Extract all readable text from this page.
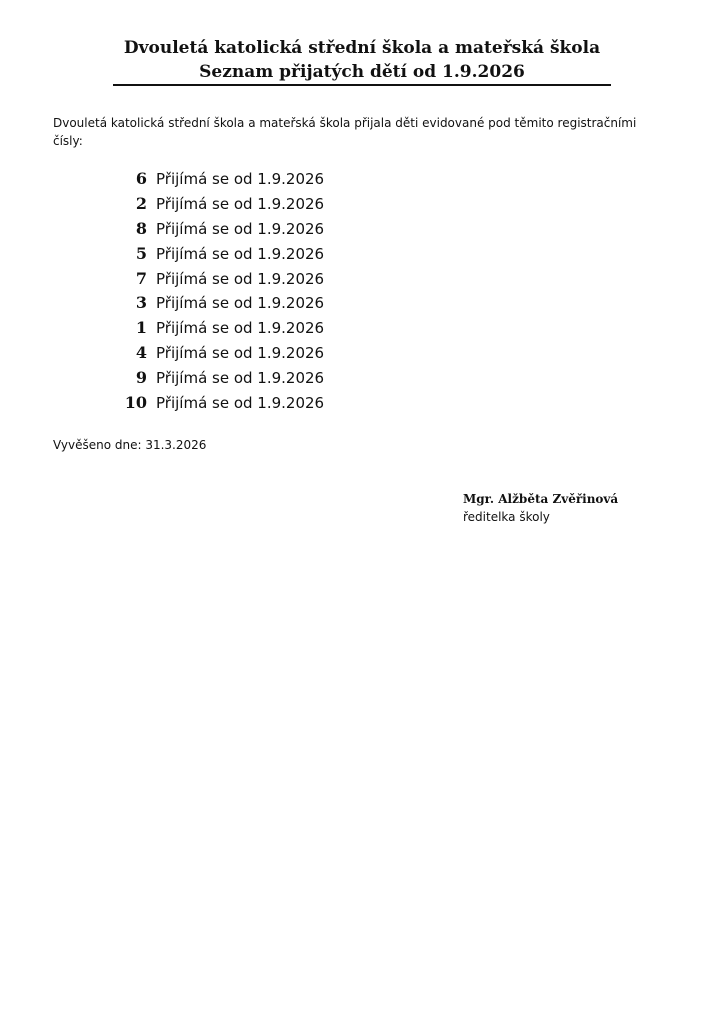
Dvouletá katolická střední škola a mateřská škola
Seznam přijatých dětí od 1.9.2026
Dvouletá katolická střední škola a mateřská škola přijala děti evidované pod těmito registračními čísly:
6 Přijímá se od 1.9.2026
2 Přijímá se od 1.9.2026
8 Přijímá se od 1.9.2026
5 Přijímá se od 1.9.2026
7 Přijímá se od 1.9.2026
3 Přijímá se od 1.9.2026
1 Přijímá se od 1.9.2026
4 Přijímá se od 1.9.2026
9 Přijímá se od 1.9.2026
10 Přijímá se od 1.9.2026
Vyvěšeno dne: 31.3.2026
Mgr. Alžběta Zvěřinová
ředitelka školy
